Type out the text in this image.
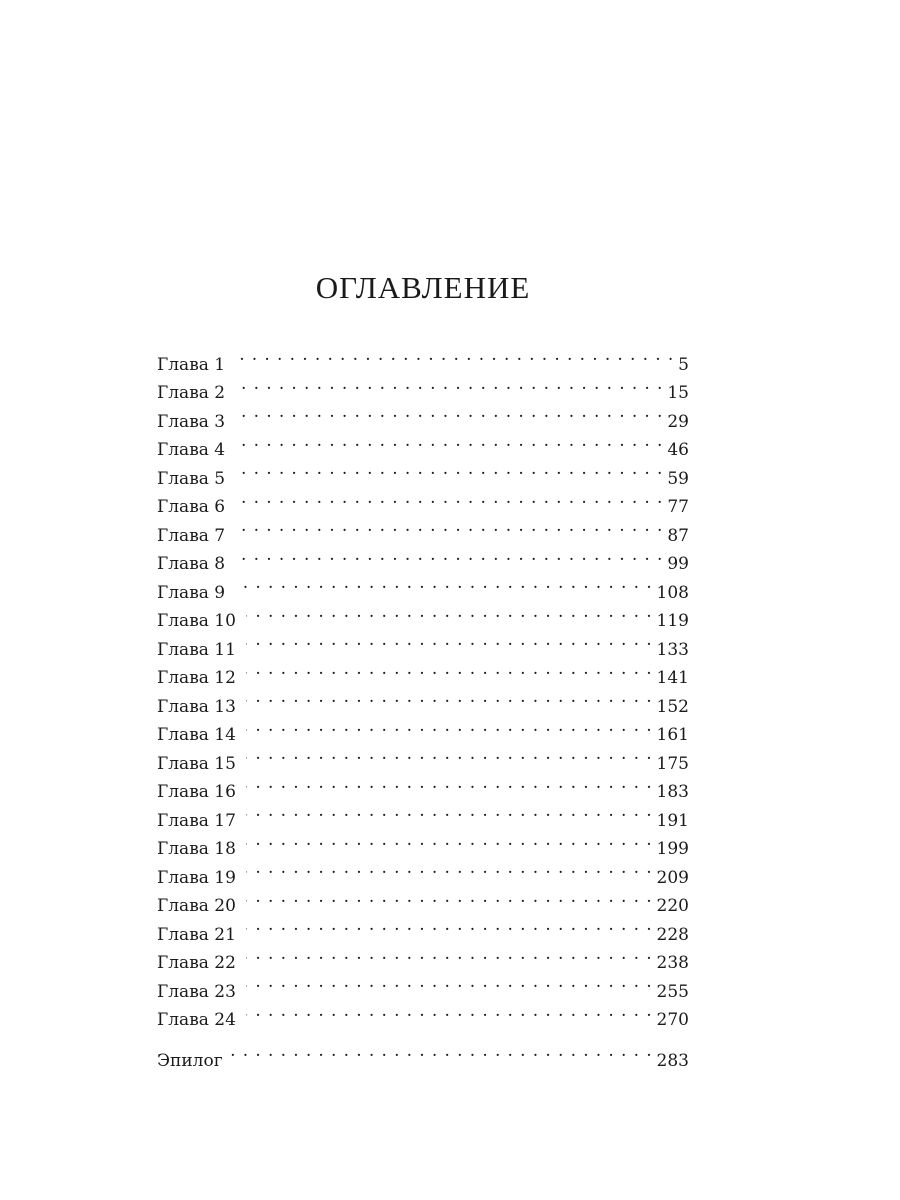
ОГЛАВЛЕНИЕ
Глава 1 . . .	5
Глава 2 . . .	15
Глава 3 . . .	29
Глава 4 . . .	46
Глава 5 . . .	59
Глава 6 . . .	77
Глава 7 . . .	87
Глава 8 . . .	99
Глава 9 . . .	108
Глава 10 . . .	119
Глава 11 . . .	133
Глава 12 . . .	141
Глава 13 . . .	152
Глава 14 . . .	161
Глава 15 . . .	175
Глава 16 . . .	183
Глава 17 . . .	191
Глава 18 . . .	199
Глава 19 . . .	209
Глава 20 . . .	220
Глава 21 . . .	228
Глава 22 . . .	238
Глава 23 . . .	255
Глава 24 . . .	270
Эпилог . . .	283
